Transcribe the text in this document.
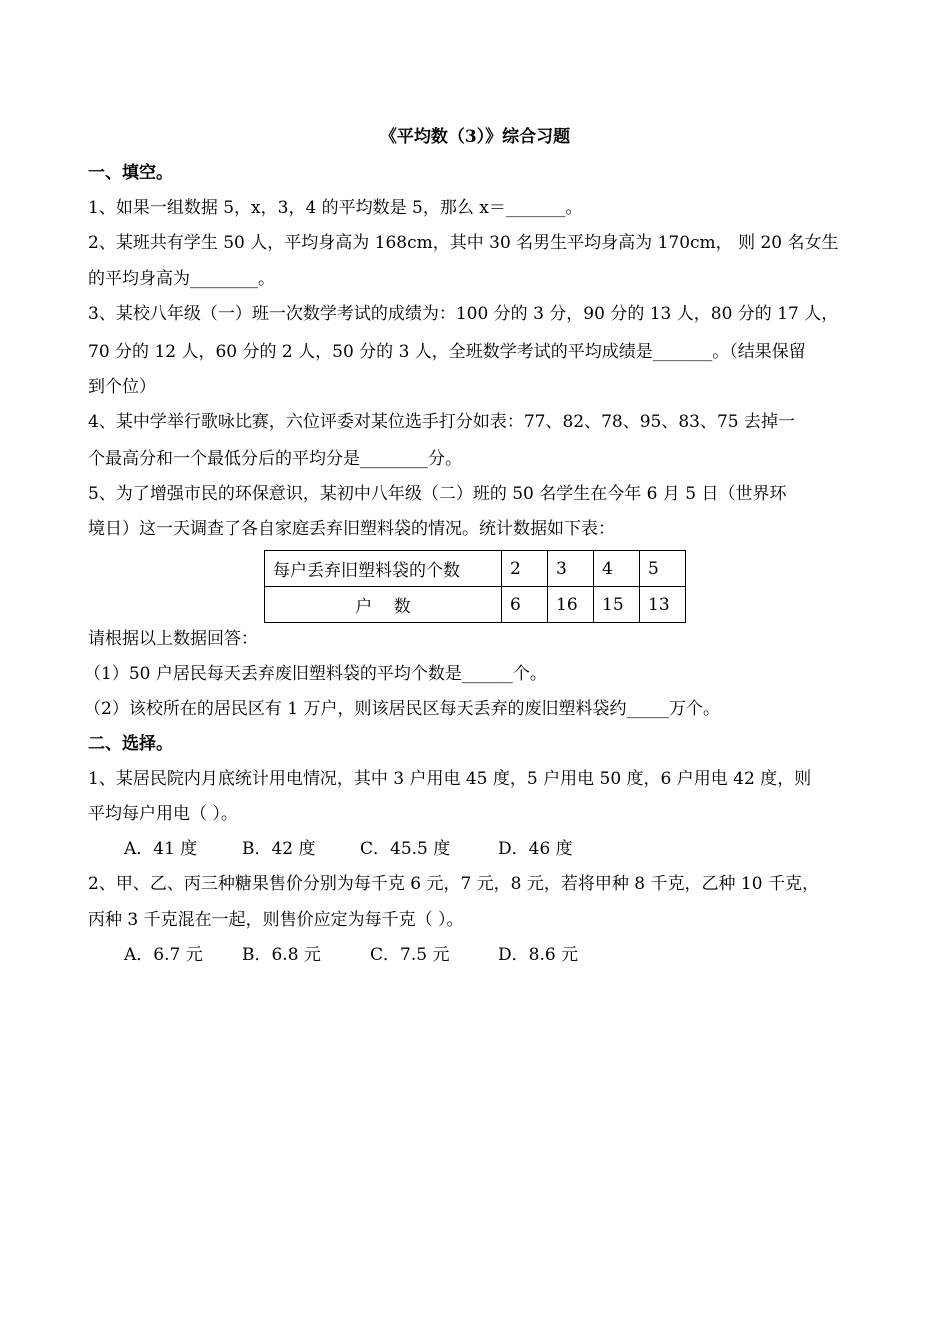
《平均数（3）》综合习题
一、填空。
1、如果一组数据 5，x，3，4 的平均数是 5，那么 x＝_______。
2、某班共有学生 50 人，平均身高为 168cm，其中 30 名男生平均身高为 170cm， 则 20 名女生
的平均身高为________。
3、某校八年级（一）班一次数学考试的成绩为：100 分的 3 分，90 分的 13 人，80 分的 17 人，
70 分的 12 人，60 分的 2 人，50 分的 3 人，全班数学考试的平均成绩是_______。（结果保留
到个位）
4、某中学举行歌咏比赛，六位评委对某位选手打分如表：77、82、78、95、83、75 去掉一
个最高分和一个最低分后的平均分是________分。
5、为了增强市民的环保意识，某初中八年级（二）班的 50 名学生在今年 6 月 5 日（世界环
境日）这一天调查了各自家庭丢弃旧塑料袋的情况。统计数据如下表：
每户丢弃旧塑料袋的个数	2	3	4	5
户    数	6	16	15	13
请根据以上数据回答：
（1）50 户居民每天丢弃废旧塑料袋的平均个数是______个。
（2）该校所在的居民区有 1 万户，则该居民区每天丢弃的废旧塑料袋约_____万个。
二、选择。
1、某居民院内月底统计用电情况，其中 3 户用电 45 度，5 户用电 50 度，6 户用电 42 度，则
平均每户用电（ ）。
A．41 度	B．42 度	C．45.5 度	D．46 度
2、甲、乙、丙三种糖果售价分别为每千克 6 元，7 元，8 元，若将甲种 8 千克，乙种 10 千克，
丙种 3 千克混在一起，则售价应定为每千克（ ）。
A．6.7 元 B．6.8 元	C．7.5 元	D．8.6 元
